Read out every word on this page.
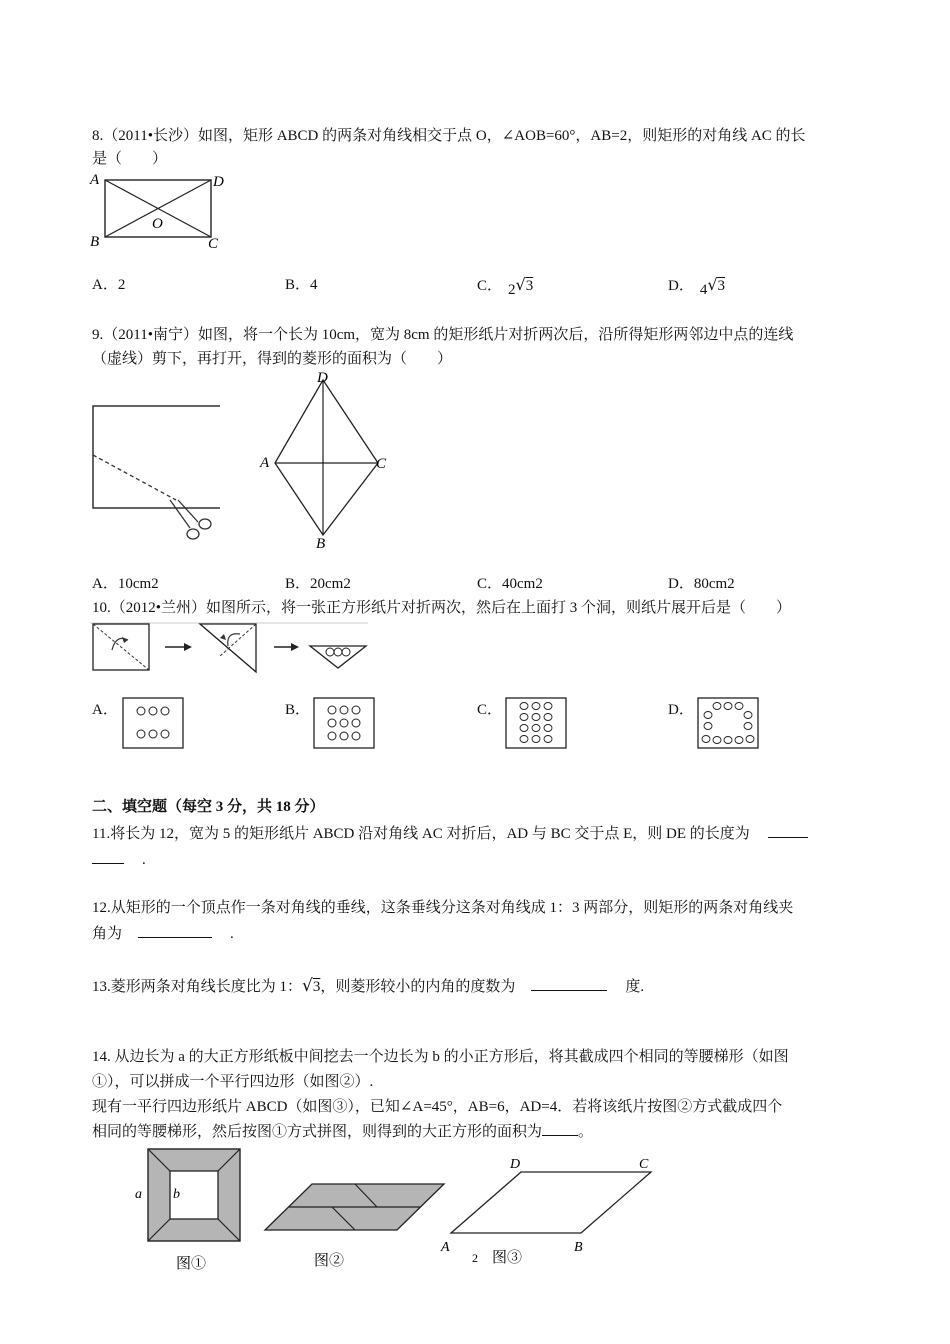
8.（2011•长沙）如图，矩形 ABCD 的两条对角线相交于点 O，∠AOB=60°，AB=2，则矩形的对角线 AC 的长
是（　　）
A	D
B	C
O
A．2	B．4	C． 2√3	D． 4√3
9.（2011•南宁）如图，将一个长为 10cm，宽为 8cm 的矩形纸片对折两次后，沿所得矩形两邻边中点的连线
（虚线）剪下，再打开，得到的菱形的面积为（　　）
D
A	C
B
A．10cm2	B．20cm2	C．40cm2	D．80cm2
10.（2012•兰州）如图所示，将一张正方形纸片对折两次，然后在上面打 3 个洞，则纸片展开后是（　　）
A．	B．	C．	D．
二、填空题（每空 3 分，共 18 分）
11.将长为 12，宽为 5 的矩形纸片 ABCD 沿对角线 AC 对折后，AD 与 BC 交于点 E，则 DE 的长度为
.
12.从矩形的一个顶点作一条对角线的垂线，这条垂线分这条对角线成 1：3 两部分，则矩形的两条对角线夹
角为	.
13.菱形两条对角线长度比为 1：√3，则菱形较小的内角的度数为	度.
14. 从边长为 a 的大正方形纸板中间挖去一个边长为 b 的小正方形后，将其截成四个相同的等腰梯形（如图
①），可以拼成一个平行四边形（如图②）.
现有一平行四边形纸片 ABCD（如图③），已知∠A=45°，AB=6，AD=4．若将该纸片按图②方式截成四个
相同的等腰梯形，然后按图①方式拼图，则得到的大正方形的面积为 。
a b
图①	图②
D	C
A	B
2 图③
